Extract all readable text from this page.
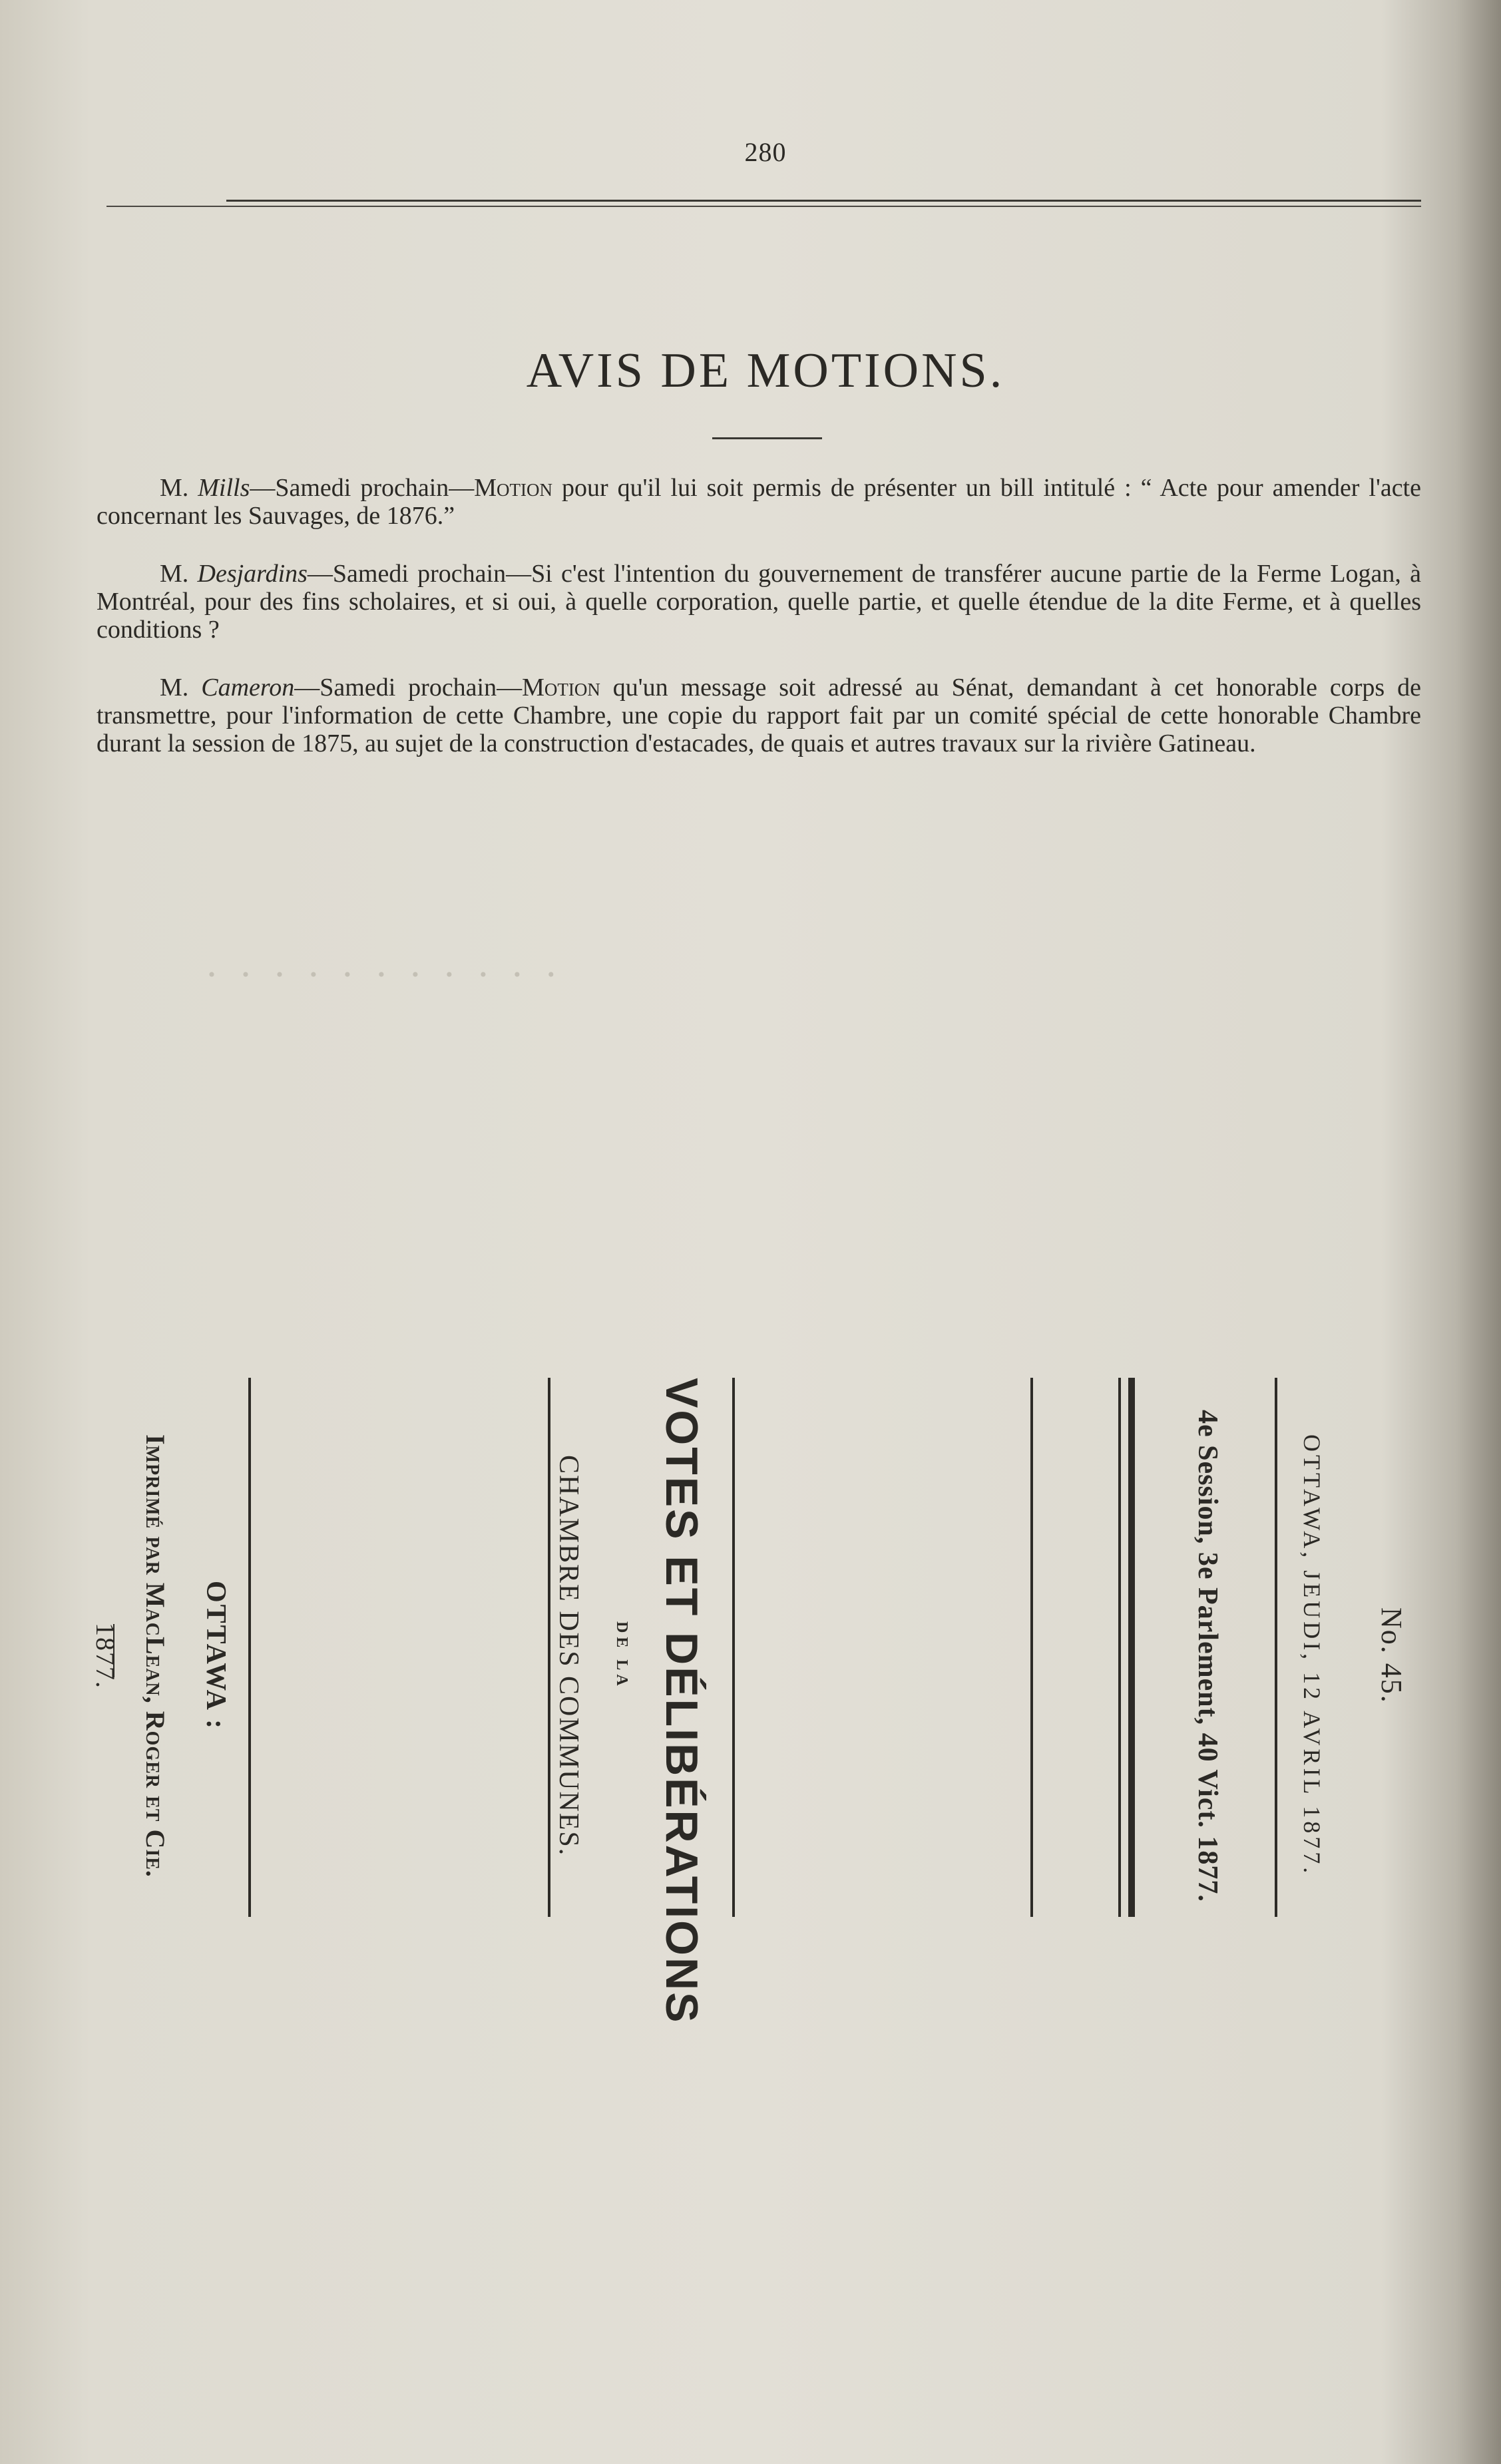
280
AVIS DE MOTIONS.

M. Mills—Samedi prochain—Motion pour qu'il lui soit permis de présenter un bill intitulé : “ Acte pour amender l'acte concernant les Sauvages, de 1876.”

M. Desjardins—Samedi prochain—Si c'est l'intention du gouvernement de transférer aucune partie de la Ferme Logan, à Montréal, pour des fins scholaires, et si oui, à quelle corporation, quelle partie, et quelle étendue de la dite Ferme, et à quelles conditions ?

M. Cameron—Samedi prochain—Motion qu'un message soit adressé au Sénat, demandant à cet honorable corps de transmettre, pour l'information de cette Chambre, une copie du rapport fait par un comité spécial de cette honorable Chambre durant la session de 1875, au sujet de la construction d'estacades, de quais et autres travaux sur la rivière Gatineau.

· · · · · · · · · · ·
No. 45.
OTTAWA, JEUDI, 12 AVRIL 1877.
4e Session, 3e Parlement, 40 Vict. 1877.
VOTES ET DÉLIBÉRATIONS
DE LA
CHAMBRE DES COMMUNES.
OTTAWA :
Imprimé par MacLean, Roger et Cie.
1877.
